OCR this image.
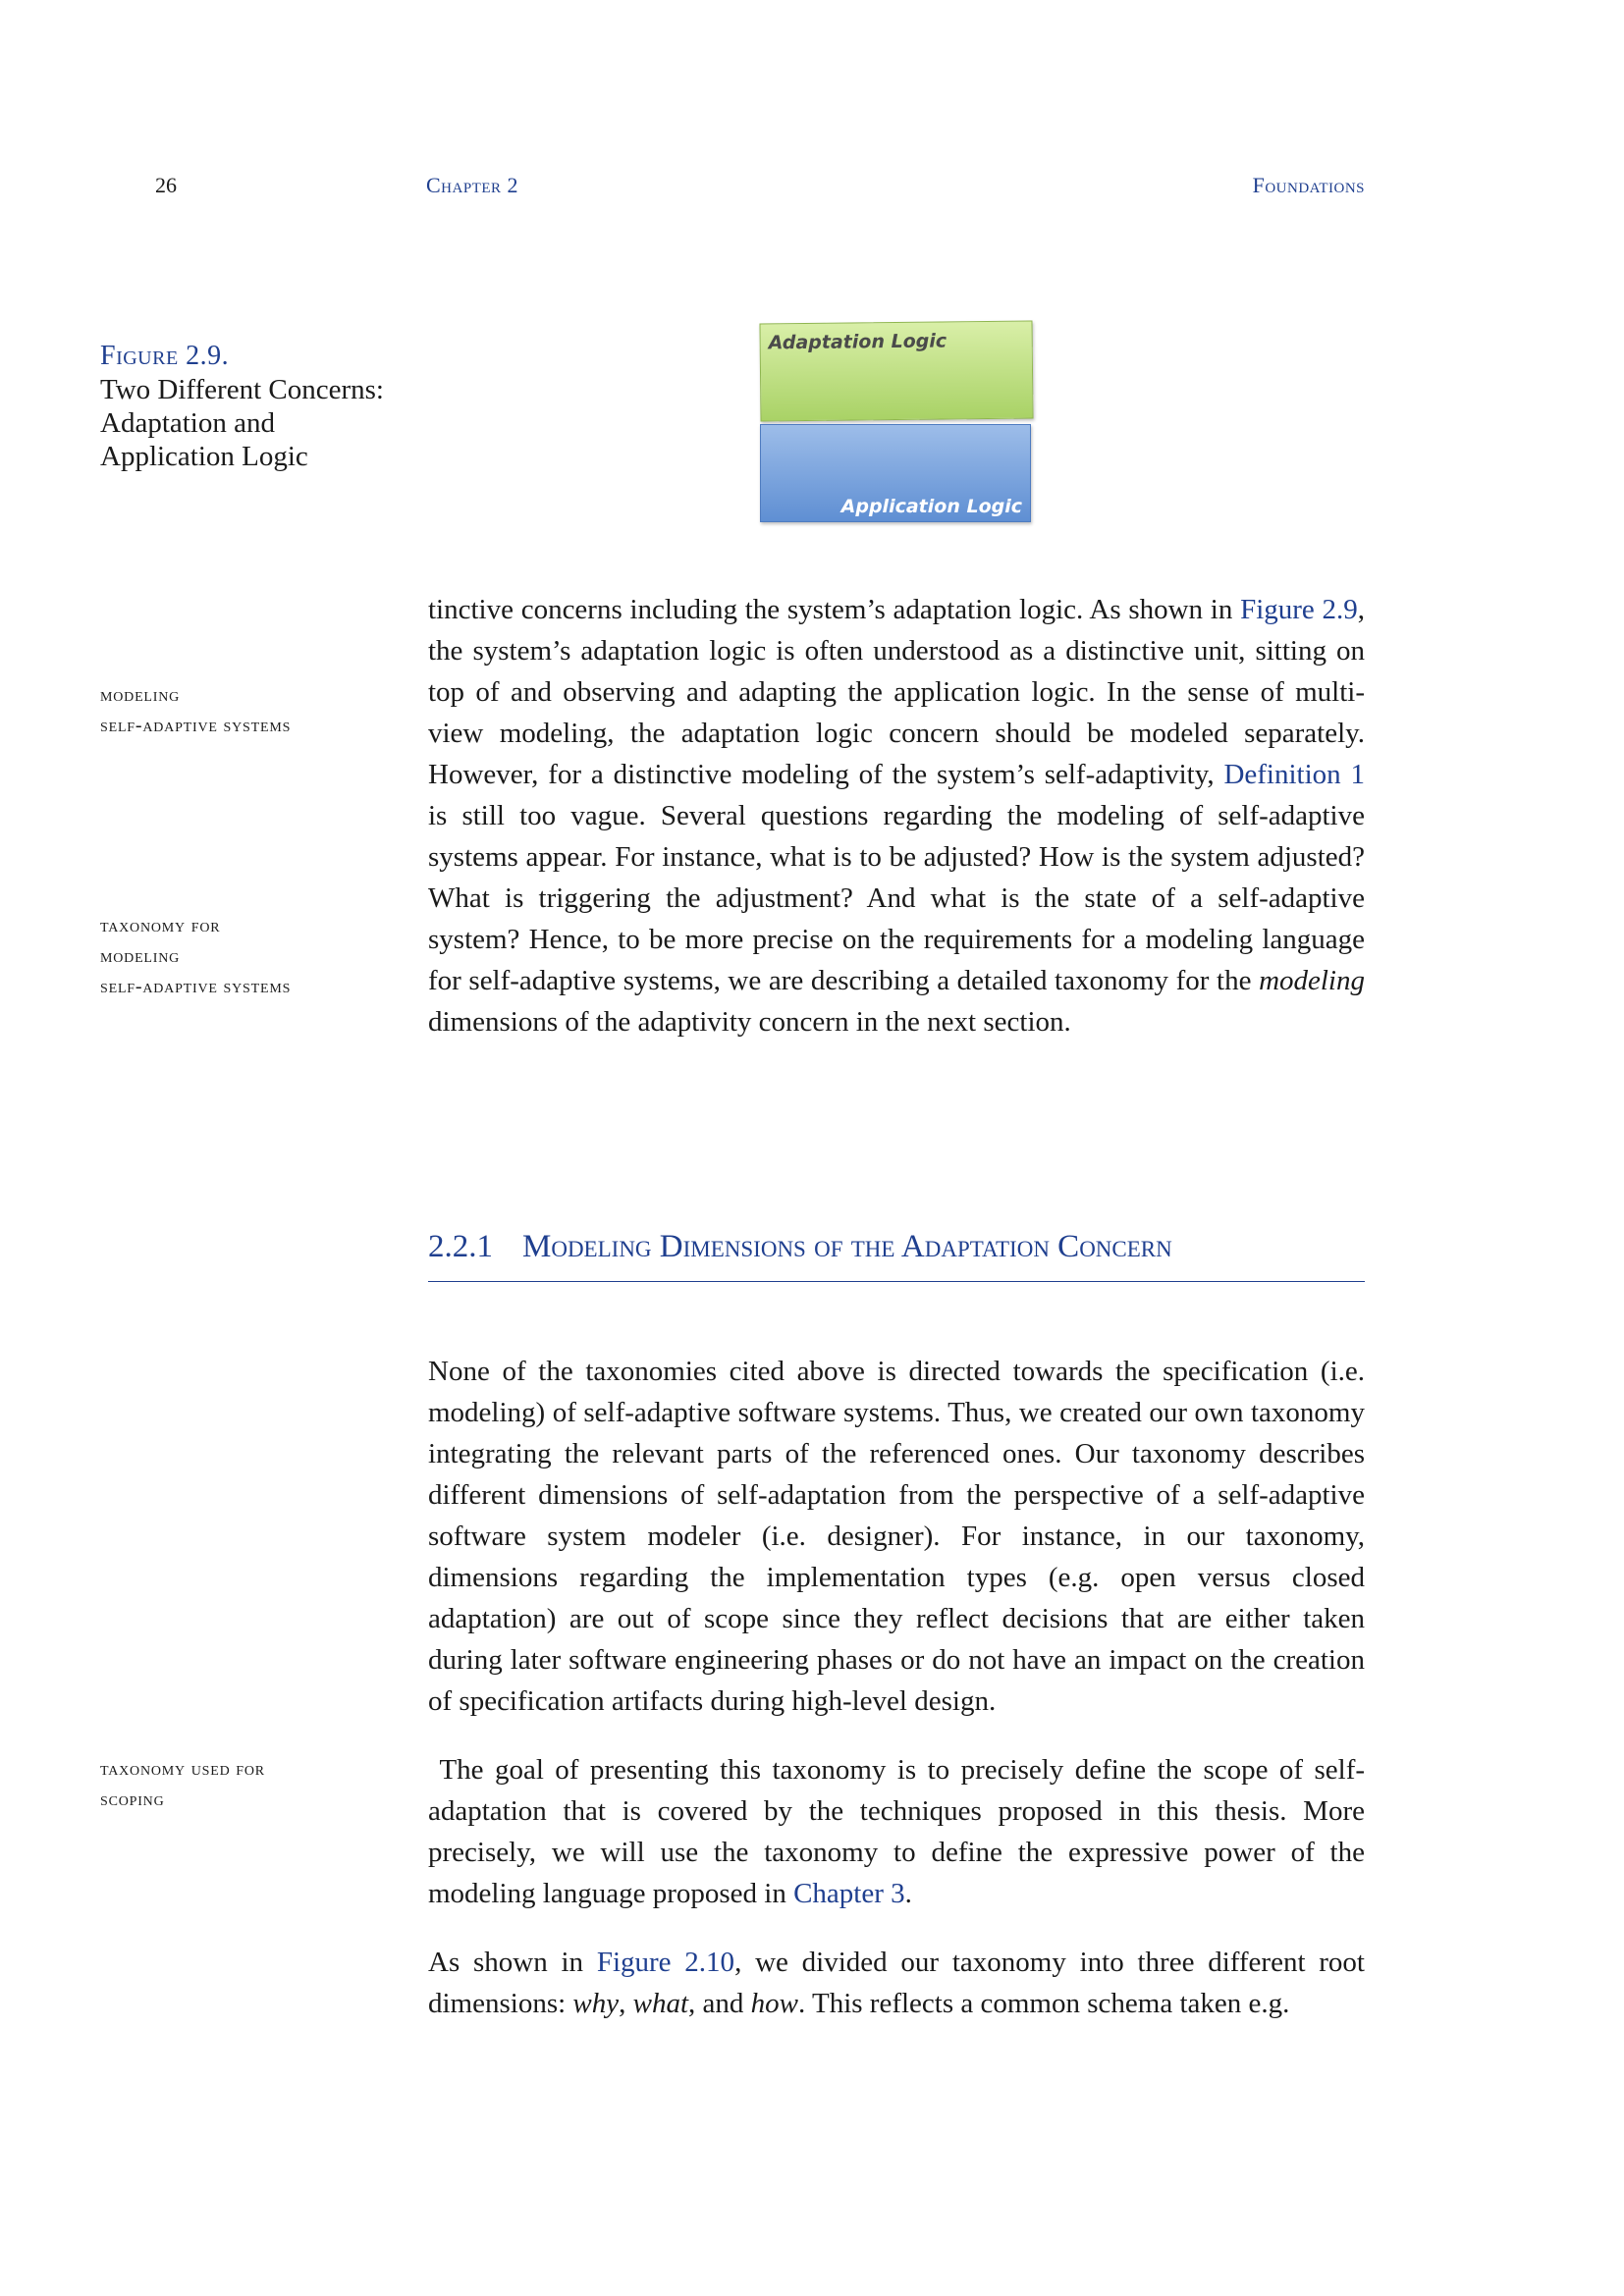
26	Chapter 2	Foundations
Figure 2.9.
Two Different Concerns: Adaptation and Application Logic
Adaptation Logic
Application Logic
modeling
self-adaptive systems
taxonomy for
modeling
self-adaptive systems
taxonomy used for
scoping

tinctive concerns including the system’s adaptation logic. As shown in Figure 2.9, the system’s adaptation logic is often understood as a distinctive unit, sitting on top of and observing and adapting the application logic. In the sense of multi-view modeling, the adaptation logic concern should be modeled separately. However, for a distinctive modeling of the system’s self-adaptivity, Definition 1 is still too vague. Several questions regarding the modeling of self-adaptive systems appear. For instance, what is to be adjusted? How is the system adjusted? What is triggering the adjustment? And what is the state of a self-adaptive system? Hence, to be more precise on the requirements for a modeling language for self-adaptive systems, we are describing a detailed taxonomy for the modeling dimensions of the adaptivity concern in the next section.

2.2.1 Modeling Dimensions of the Adaptation Concern

None of the taxonomies cited above is directed towards the specification (i.e. modeling) of self-adaptive software systems. Thus, we created our own taxonomy integrating the relevant parts of the referenced ones. Our taxonomy describes different dimensions of self-adaptation from the perspective of a self-adaptive software system modeler (i.e. designer). For instance, in our taxonomy, dimensions regarding the implementation types (e.g. open versus closed adaptation) are out of scope since they reflect decisions that are either taken during later software engineering phases or do not have an impact on the creation of specification artifacts during high-level design.

The goal of presenting this taxonomy is to precisely define the scope of self-adaptation that is covered by the techniques proposed in this thesis. More precisely, we will use the taxonomy to define the expressive power of the modeling language proposed in Chapter 3.

As shown in Figure 2.10, we divided our taxonomy into three different root dimensions: why, what, and how. This reflects a common schema taken e.g.
